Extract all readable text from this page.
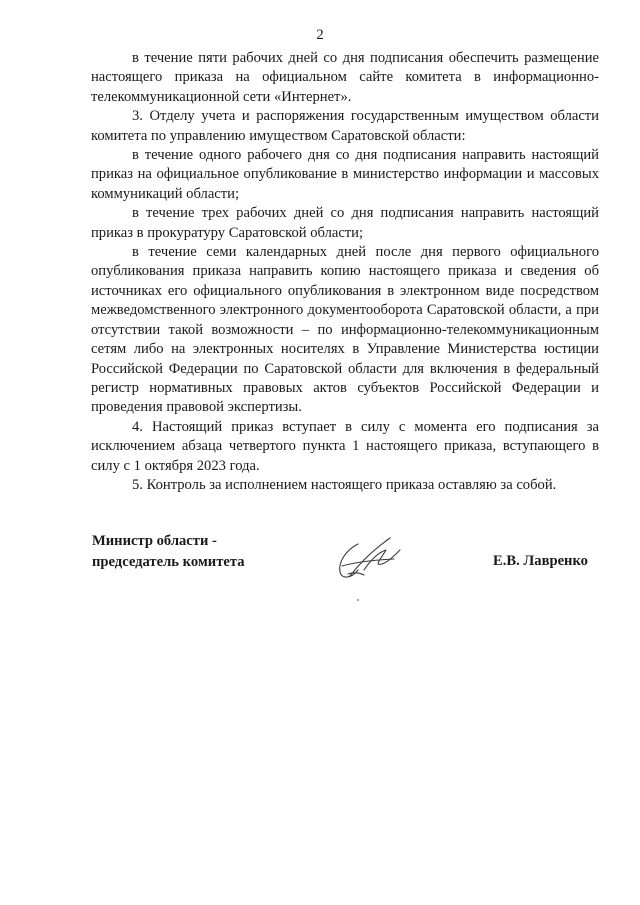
2

в течение пяти рабочих дней со дня подписания обеспечить размещение настоящего приказа на официальном сайте комитета в информационно-телекоммуникационной сети «Интернет».

3. Отделу учета и распоряжения государственным имуществом области комитета по управлению имуществом Саратовской области:

в течение одного рабочего дня со дня подписания направить настоящий приказ на официальное опубликование в министерство информации и массовых коммуникаций области;

в течение трех рабочих дней со дня подписания направить настоящий приказ в прокуратуру Саратовской области;

в течение семи календарных дней после дня первого официального опубликования приказа направить копию настоящего приказа и сведения об источниках его официального опубликования в электронном виде посредством межведомственного электронного документооборота Саратовской области, а при отсутствии такой возможности – по информационно-телекоммуникационным сетям либо на электронных носителях в Управление Министерства юстиции Российской Федерации по Саратовской области для включения в федеральный регистр нормативных правовых актов субъектов Российской Федерации и проведения правовой экспертизы.

4. Настоящий приказ вступает в силу с момента его подписания за исключением абзаца четвертого пункта 1 настоящего приказа, вступающего в силу с 1 октября 2023 года.

5. Контроль за исполнением настоящего приказа оставляю за собой.

Министр области -
председатель комитета	Е.В. Лавренко
